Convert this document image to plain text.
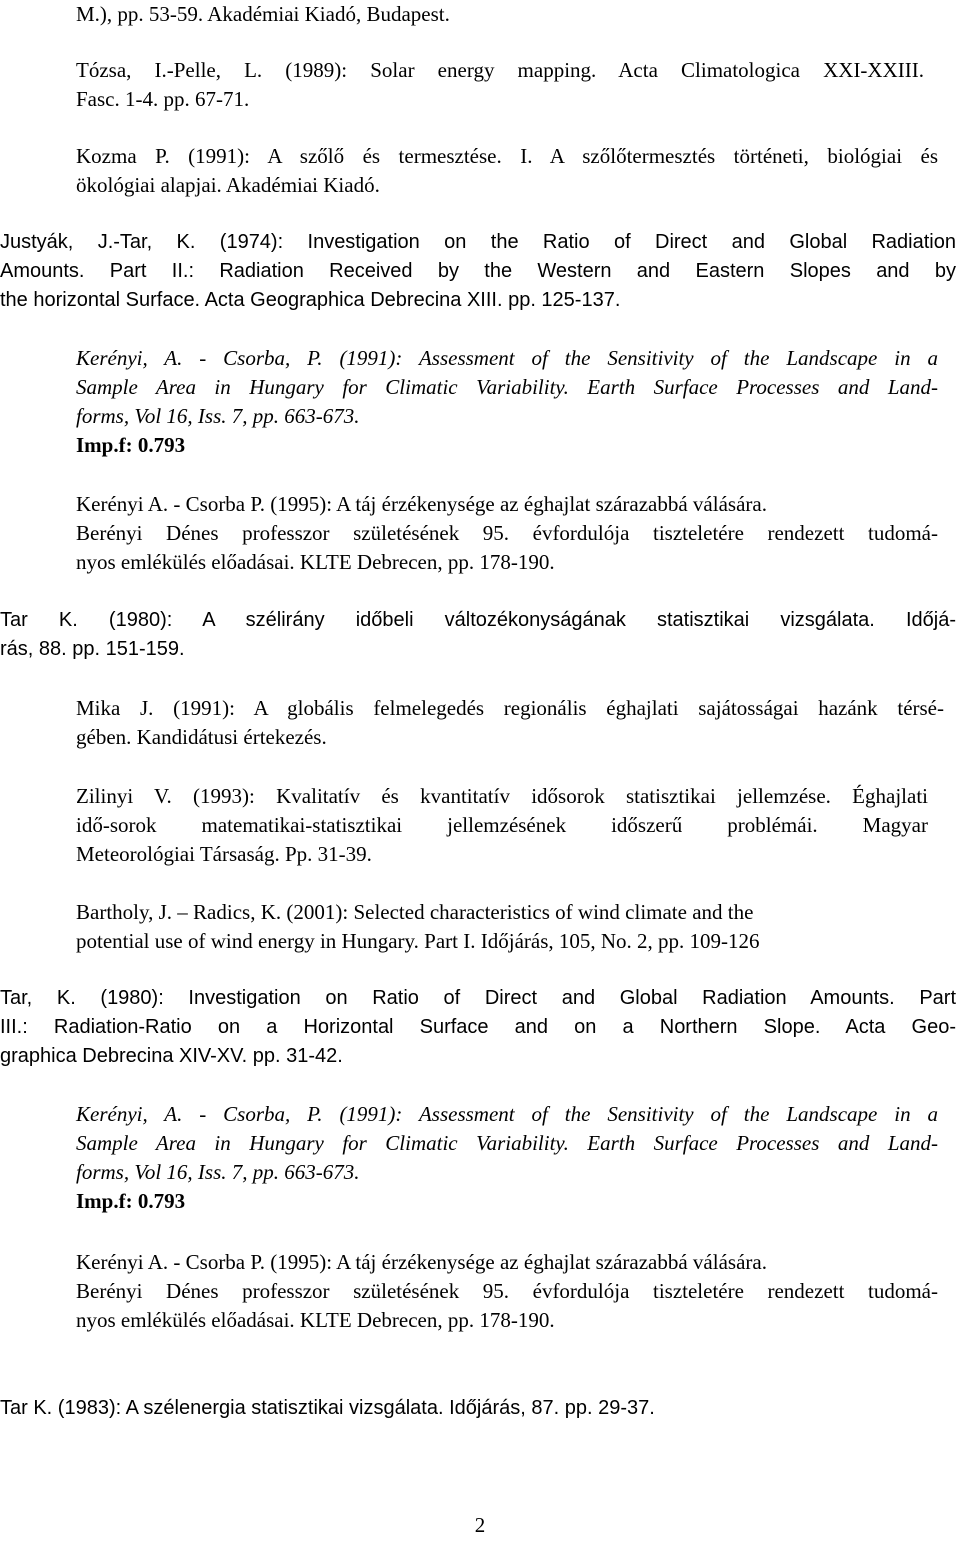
M.), pp. 53-59. Akadémiai Kiadó, Budapest.

Tózsa, I.-Pelle, L. (1989): Solar energy mapping. Acta Climatologica XXI-XXIII.
Fasc. 1-4. pp. 67-71.

Kozma P. (1991): A szőlő és termesztése. I. A szőlőtermesztés történeti, biológiai és
ökológiai alapjai. Akadémiai Kiadó.

Justyák, J.-Tar, K. (1974): Investigation on the Ratio of Direct and Global Radiation
Amounts. Part II.: Radiation Received by the Western and Eastern Slopes and by
the horizontal Surface. Acta Geographica Debrecina XIII. pp. 125-137.

Kerényi, A. - Csorba, P. (1991): Assessment of the Sensitivity of the Landscape in a
Sample Area in Hungary for Climatic Variability. Earth Surface Processes and Land-
forms, Vol 16, Iss. 7, pp. 663-673.
Imp.f: 0.793

Kerényi A. - Csorba P. (1995): A táj érzékenysége az éghajlat szárazabbá válására.
Berényi Dénes professzor születésének 95. évfordulója tiszteletére rendezett tudomá-
nyos emlékülés előadásai. KLTE Debrecen, pp. 178-190.

Tar K. (1980): A szélirány időbeli változékonyságának statisztikai vizsgálata. Időjá-
rás, 88. pp. 151-159.

Mika J. (1991): A globális felmelegedés regionális éghajlati sajátosságai hazánk térsé-
gében. Kandidátusi értekezés.

Zilinyi V. (1993): Kvalitatív és kvantitatív idősorok statisztikai jellemzése. Éghajlati
idő-sorok matematikai-statisztikai jellemzésének időszerű problémái. Magyar
Meteorológiai Társaság. Pp. 31-39.

Bartholy, J. – Radics, K. (2001): Selected characteristics of wind climate and the
potential use of wind energy in Hungary. Part I. Időjárás, 105, No. 2, pp. 109-126

Tar, K. (1980): Investigation on Ratio of Direct and Global Radiation Amounts. Part
III.: Radiation-Ratio on a Horizontal Surface and on a Northern Slope. Acta Geo-
graphica Debrecina XIV-XV. pp. 31-42.

Kerényi, A. - Csorba, P. (1991): Assessment of the Sensitivity of the Landscape in a
Sample Area in Hungary for Climatic Variability. Earth Surface Processes and Land-
forms, Vol 16, Iss. 7, pp. 663-673.
Imp.f: 0.793

Kerényi A. - Csorba P. (1995): A táj érzékenysége az éghajlat szárazabbá válására.
Berényi Dénes professzor születésének 95. évfordulója tiszteletére rendezett tudomá-
nyos emlékülés előadásai. KLTE Debrecen, pp. 178-190.

Tar K. (1983): A szélenergia statisztikai vizsgálata. Időjárás, 87. pp. 29-37.

2
